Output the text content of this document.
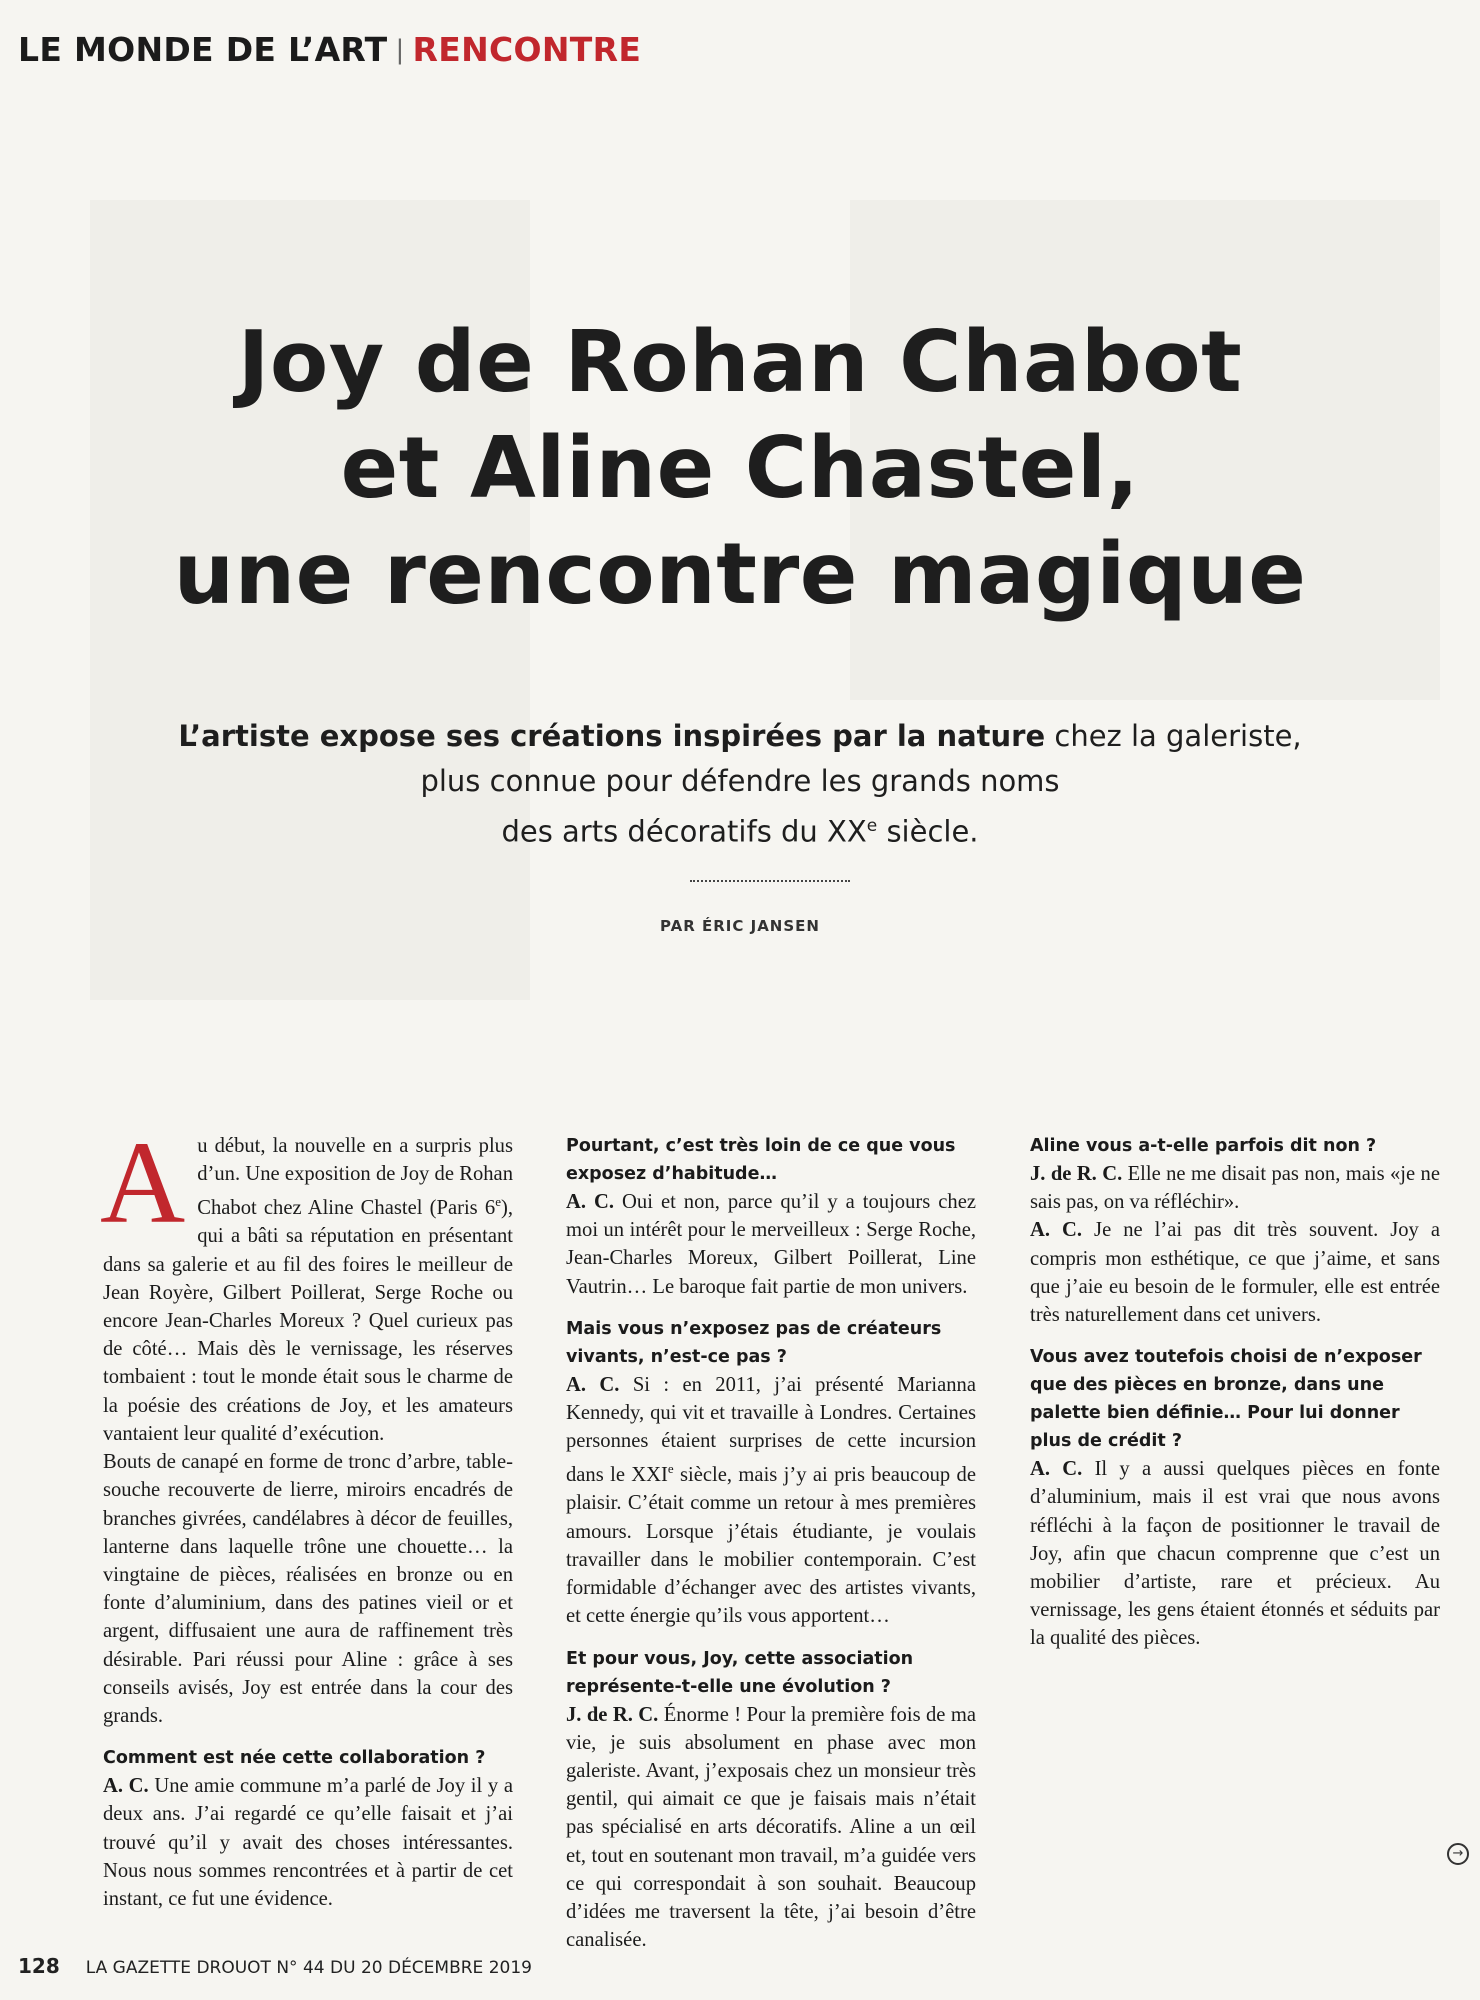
LE MONDE DE L’ART | RENCONTRE
Joy de Rohan Chabot
et Aline Chastel,
une rencontre magique
L’artiste expose ses créations inspirées par la nature chez la galeriste,
plus connue pour défendre les grands noms
des arts décoratifs du XXe siècle.
PAR ÉRIC JANSEN

Au début, la nouvelle en a surpris plus d’un. Une exposition de Joy de Rohan Chabot chez Aline Chastel (Paris 6e), qui a bâti sa réputation en présentant dans sa galerie et au fil des foires le meilleur de Jean Royère, Gilbert Poillerat, Serge Roche ou encore Jean-Charles Moreux ? Quel curieux pas de côté… Mais dès le vernissage, les réserves tombaient : tout le monde était sous le charme de la poésie des créations de Joy, et les amateurs vantaient leur qualité d’exécution.

Bouts de canapé en forme de tronc d’arbre, table-souche recouverte de lierre, miroirs encadrés de branches givrées, candélabres à décor de feuilles, lanterne dans laquelle trône une chouette… la vingtaine de pièces, réalisées en bronze ou en fonte d’aluminium, dans des patines vieil or et argent, diffusaient une aura de raffinement très désirable. Pari réussi pour Aline : grâce à ses conseils avisés, Joy est entrée dans la cour des grands.

Comment est née cette collaboration ?

A. C. Une amie commune m’a parlé de Joy il y a deux ans. J’ai regardé ce qu’elle faisait et j’ai trouvé qu’il y avait des choses intéressantes. Nous nous sommes rencontrées et à partir de cet instant, ce fut une évidence.

Pourtant, c’est très loin de ce que vous exposez d’habitude…

A. C. Oui et non, parce qu’il y a toujours chez moi un intérêt pour le merveilleux : Serge Roche, Jean-Charles Moreux, Gilbert Poillerat, Line Vautrin… Le baroque fait partie de mon univers.

Mais vous n’exposez pas de créateurs vivants, n’est-ce pas ?

A. C. Si : en 2011, j’ai présenté Marianna Kennedy, qui vit et travaille à Londres. Certaines personnes étaient surprises de cette incursion dans le XXIe siècle, mais j’y ai pris beaucoup de plaisir. C’était comme un retour à mes premières amours. Lorsque j’étais étudiante, je voulais travailler dans le mobilier contemporain. C’est formidable d’échanger avec des artistes vivants, et cette énergie qu’ils vous apportent…

Et pour vous, Joy, cette association représente-t-elle une évolution ?

J. de R. C. Énorme ! Pour la première fois de ma vie, je suis absolument en phase avec mon galeriste. Avant, j’exposais chez un monsieur très gentil, qui aimait ce que je faisais mais n’était pas spécialisé en arts décoratifs. Aline a un œil et, tout en soutenant mon travail, m’a guidée vers ce qui correspondait à son souhait. Beaucoup d’idées me traversent la tête, j’ai besoin d’être canalisée.

Aline vous a-t-elle parfois dit non ?

J. de R. C. Elle ne me disait pas non, mais «je ne sais pas, on va réfléchir».

A. C. Je ne l’ai pas dit très souvent. Joy a compris mon esthétique, ce que j’aime, et sans que j’aie eu besoin de le formuler, elle est entrée très naturellement dans cet univers.

Vous avez toutefois choisi de n’exposer que des pièces en bronze, dans une palette bien définie… Pour lui donner plus de crédit ?

A. C. Il y a aussi quelques pièces en fonte d’aluminium, mais il est vrai que nous avons réfléchi à la façon de positionner le travail de Joy, afin que chacun comprenne que c’est un mobilier d’artiste, rare et précieux. Au vernissage, les gens étaient étonnés et séduits par la qualité des pièces.

→
128 LA GAZETTE DROUOT N° 44 DU 20 DÉCEMBRE 2019
